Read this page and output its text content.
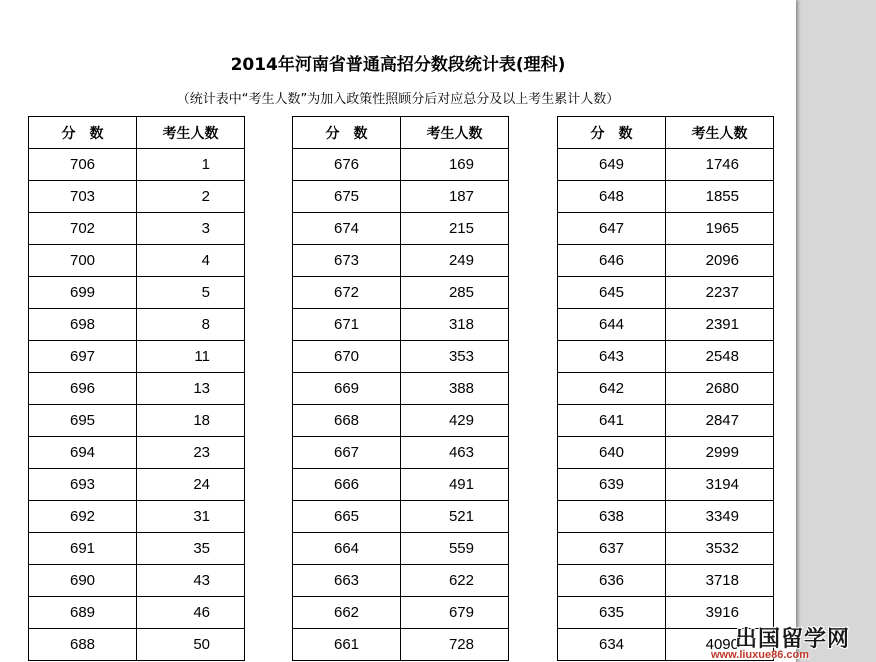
2014年河南省普通高招分数段统计表(理科)
（统计表中“考生人数”为加入政策性照顾分后对应总分及以上考生累计人数）
分　数	考生人数
706	1
703	2
702	3
700	4
699	5
698	8
697	11
696	13
695	18
694	23
693	24
692	31
691	35
690	43
689	46
688	50
分　数	考生人数
676	169
675	187
674	215
673	249
672	285
671	318
670	353
669	388
668	429
667	463
666	491
665	521
664	559
663	622
662	679
661	728
分　数	考生人数
649	1746
648	1855
647	1965
646	2096
645	2237
644	2391
643	2548
642	2680
641	2847
640	2999
639	3194
638	3349
637	3532
636	3718
635	3916
634	4090
出国留学网
www.liuxue86.com
